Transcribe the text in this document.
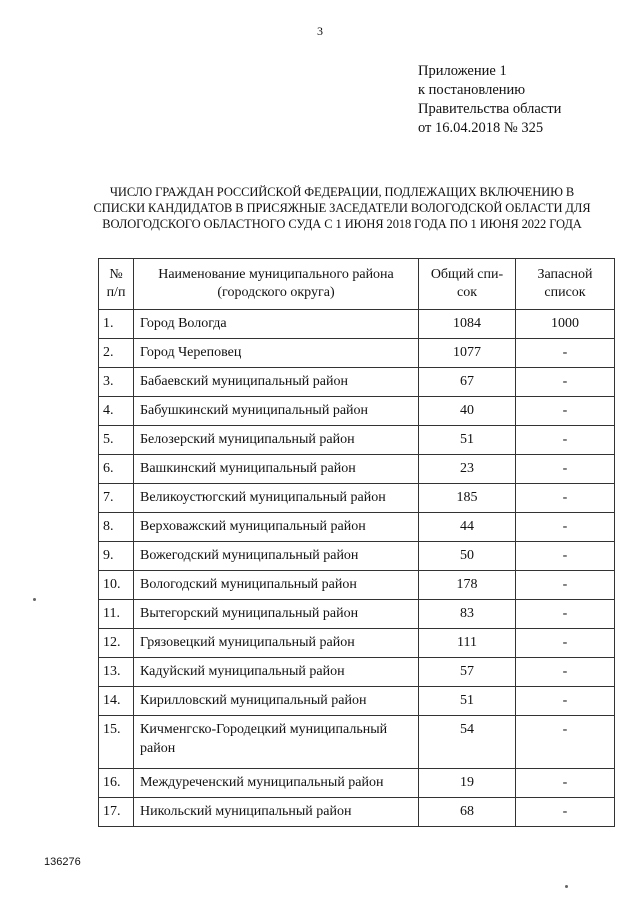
3
Приложение 1
к постановлению
Правительства области
от 16.04.2018 № 325
ЧИСЛО ГРАЖДАН РОССИЙСКОЙ ФЕДЕРАЦИИ, ПОДЛЕЖАЩИХ ВКЛЮЧЕНИЮ В СПИСКИ КАНДИДАТОВ В ПРИСЯЖНЫЕ ЗАСЕДАТЕЛИ ВОЛОГОДСКОЙ ОБЛАСТИ ДЛЯ ВОЛОГОДСКОГО ОБЛАСТНОГО СУДА С 1 ИЮНЯ 2018 ГОДА ПО 1 ИЮНЯ 2022 ГОДА
№ п/п	Наименование муниципального района (городского округа)	Общий спи-сок	Запасной список
1.	Город Вологда	1084	1000
2.	Город Череповец	1077	-
3.	Бабаевский муниципальный район	67	-
4.	Бабушкинский муниципальный район	40	-
5.	Белозерский муниципальный район	51	-
6.	Вашкинский муниципальный район	23	-
7.	Великоустюгский муниципальный район	185	-
8.	Верховажский муниципальный район	44	-
9.	Вожегодский муниципальный район	50	-
10.	Вологодский муниципальный район	178	-
11.	Вытегорский муниципальный район	83	-
12.	Грязовецкий муниципальный район	111	-
13.	Кадуйский муниципальный район	57	-
14.	Кирилловский муниципальный район	51	-
15.	Кичменгско-Городецкий муниципальный район	54	-
16.	Междуреченский муниципальный район	19	-
17.	Никольский муниципальный район	68	-
136276
